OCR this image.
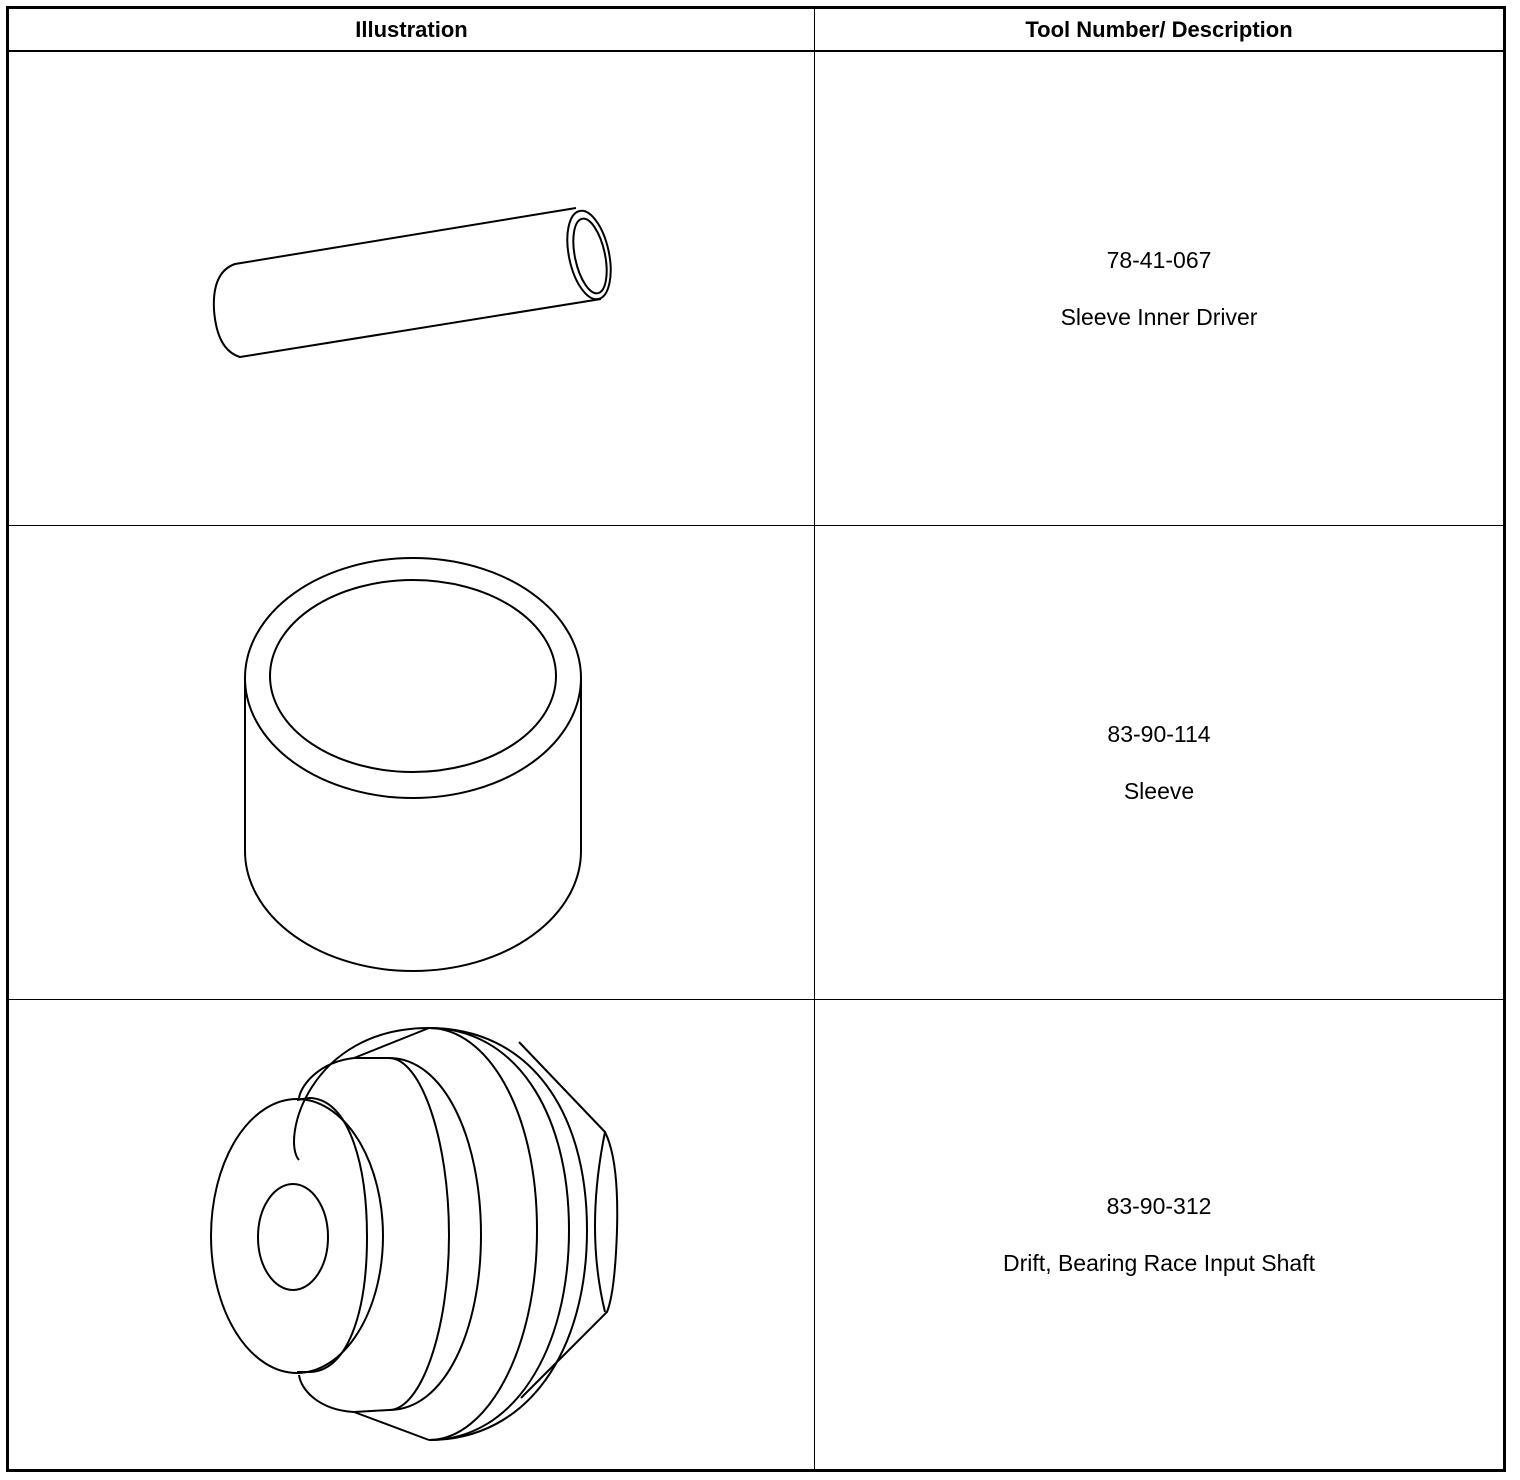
Illustration	Tool Number/ Description
78-41-067
Sleeve Inner Driver
83-90-114
Sleeve
83-90-312
Drift, Bearing Race Input Shaft
